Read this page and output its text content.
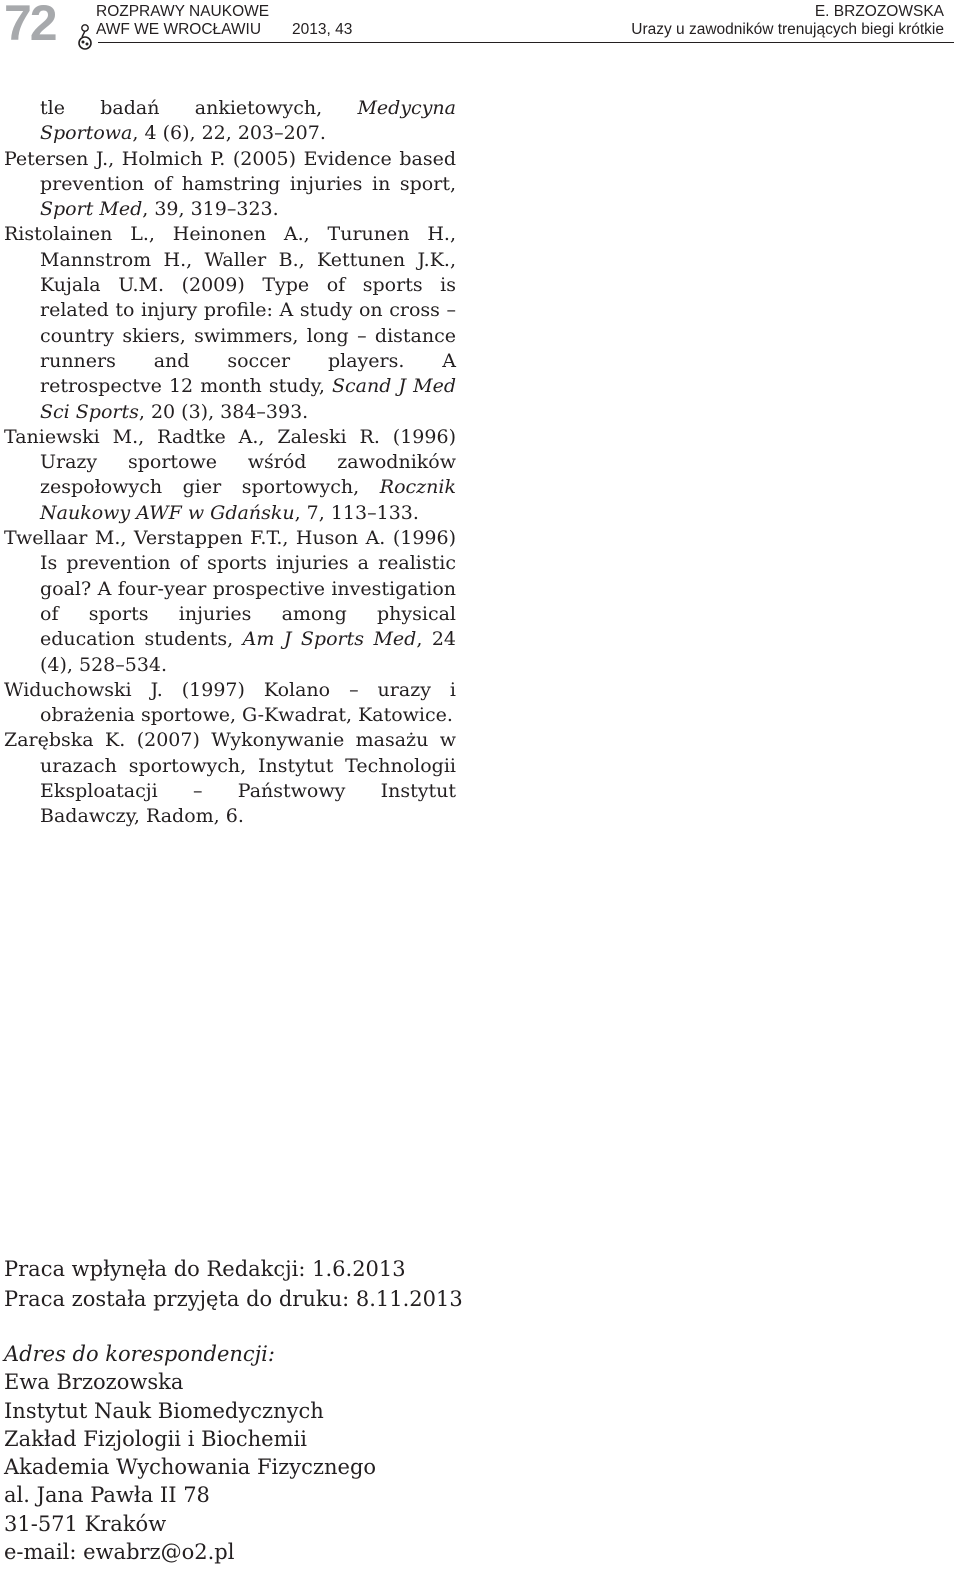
72	ROZPRAWY NAUKOWE
AWF WE WROCŁAWIU 2013, 43
E. BRZOZOWSKA
Urazy u zawodników trenujących biegi krótkie

tle badań ankietowych, Medycyna Sportowa, 4 (6), 22, 203–207.

Petersen J., Holmich P. (2005) Evidence based prevention of hamstring injuries in sport, Sport Med, 39, 319–323.

Ristolainen L., Heinonen A., Turunen H., Mannstrom H., Waller B., Kettunen J.K., Kujala U.M. (2009) Type of sports is related to injury profile: A study on cross – country skiers, swimmers, long – distance runners and soccer players. A retrospectve 12 month study, Scand J Med Sci Sports, 20 (3), 384–393.

Taniewski M., Radtke A., Zaleski R. (1996) Urazy sportowe wśród zawodników zespołowych gier sportowych, Rocznik Naukowy AWF w Gdańsku, 7, 113–133.

Twellaar M., Verstappen F.T., Huson A. (1996) Is prevention of sports injuries a realistic goal? A four-year prospective investigation of sports injuries among physical education students, Am J Sports Med, 24 (4), 528–534.

Widuchowski J. (1997) Kolano – urazy i obrażenia sportowe, G-Kwadrat, Katowice.

Zarębska K. (2007) Wykonywanie masażu w urazach sportowych, Instytut Technologii Eksploatacji – Państwowy Instytut Badawczy, Radom, 6.

Praca wpłynęła do Redakcji: 1.6.2013
Praca została przyjęta do druku: 8.11.2013
Adres do korespondencji:
Ewa Brzozowska
Instytut Nauk Biomedycznych
Zakład Fizjologii i Biochemii
Akademia Wychowania Fizycznego
al. Jana Pawła II 78
31-571 Kraków
e-mail: ewabrz@o2.pl
